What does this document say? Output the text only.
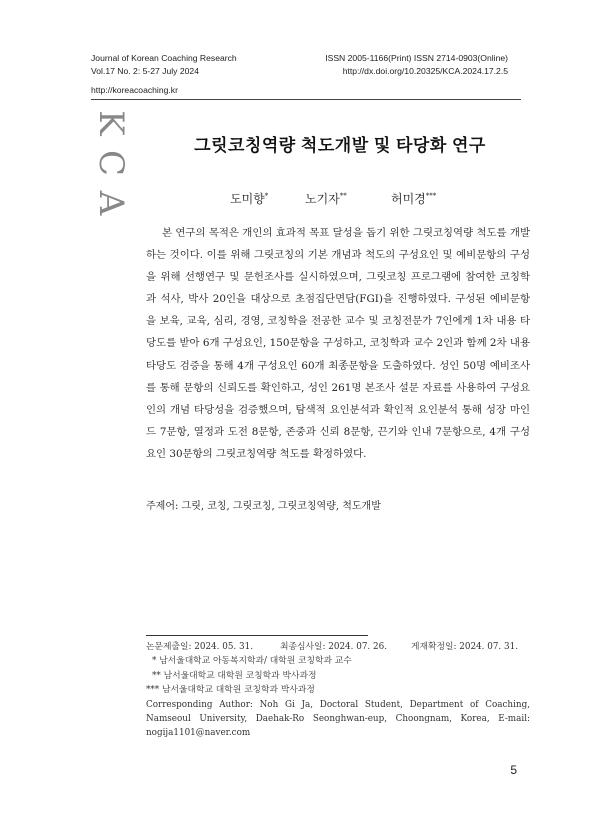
Journal of Korean Coaching Research
Vol.17 No. 2: 5-27 July 2024
ISSN 2005-1166(Print) ISSN 2714-0903(Online)
http://dx.doi.org/10.20325/KCA.2024.17.2.5
http://koreacoaching.kr
K
C
A
그릿코칭역량 척도개발 및 타당화 연구
도미향*	노기자**	허미경***

본 연구의 목적은 개인의 효과적 목표 달성을 돕기 위한 그릿코칭역량 척도를 개발하는 것이다. 이를 위해 그릿코칭의 기본 개념과 척도의 구성요인 및 예비문항의 구성을 위해 선행연구 및 문헌조사를 실시하였으며, 그릿코칭 프로그램에 참여한 코칭학과 석사, 박사 20인을 대상으로 초점집단면담(FGI)을 진행하였다. 구성된 예비문항을 보육, 교육, 심리, 경영, 코칭학을 전공한 교수 및 코칭전문가 7인에게 1차 내용 타당도를 받아 6개 구성요인, 150문항을 구성하고, 코칭학과 교수 2인과 함께 2차 내용 타당도 검증을 통해 4개 구성요인 60개 최종문항을 도출하였다. 성인 50명 예비조사를 통해 문항의 신뢰도를 확인하고, 성인 261명 본조사 설문 자료를 사용하여 구성요인의 개념 타당성을 검증했으며, 탐색적 요인분석과 확인적 요인분석 통해 성장 마인드 7문항, 열정과 도전 8문항, 존중과 신뢰 8문항, 끈기와 인내 7문항으로, 4개 구성요인 30문항의 그릿코칭역량 척도를 확정하였다.

주제어: 그릿, 코칭, 그릿코칭, 그릿코칭역량, 척도개발
논문제출일: 2024. 05. 31.	최종심사일: 2024. 07. 26.	게재확정일: 2024. 07. 31.
* 남서울대학교 아동복지학과/ 대학원 코칭학과 교수
** 남서울대학교 대학원 코칭학과 박사과정
*** 남서울대학교 대학원 코칭학과 박사과정
Corresponding Author: Noh Gi Ja, Doctoral Student, Department of Coaching, Namseoul University, Daehak-Ro Seonghwan-eup, Choongnam, Korea, E-mail: nogija1101@naver.com
5
